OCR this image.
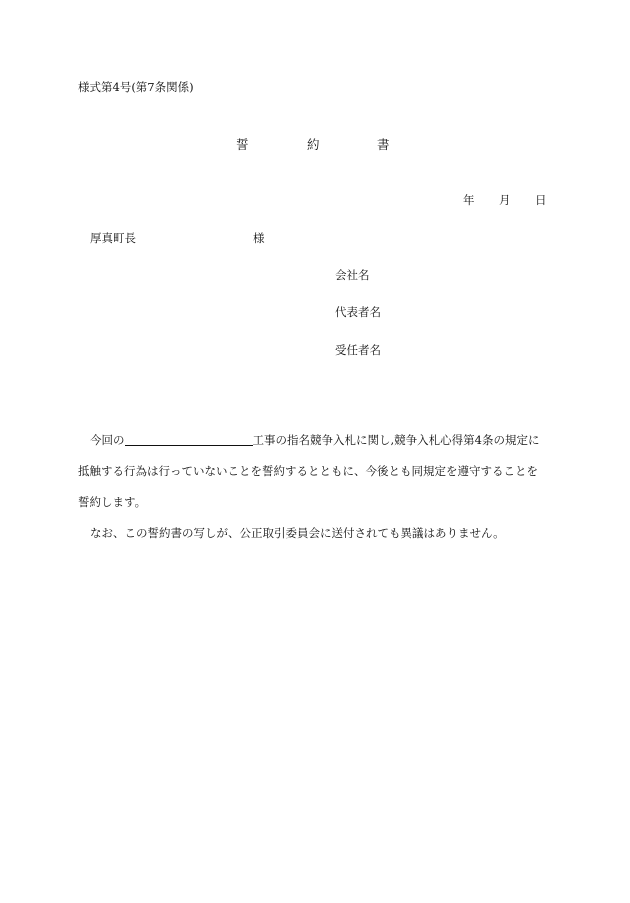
様式第4号(第7条関係)
誓	約	書
年 月 日
厚真町長	様
会社名
代表者名
受任者名

今回の	工事の指名競争入札に関し,競争入札心得第4条の規定に

抵触する行為は行っていないことを誓約するとともに、今後とも同規定を遵守することを

誓約します。

なお、この誓約書の写しが、公正取引委員会に送付されても異議はありません。
